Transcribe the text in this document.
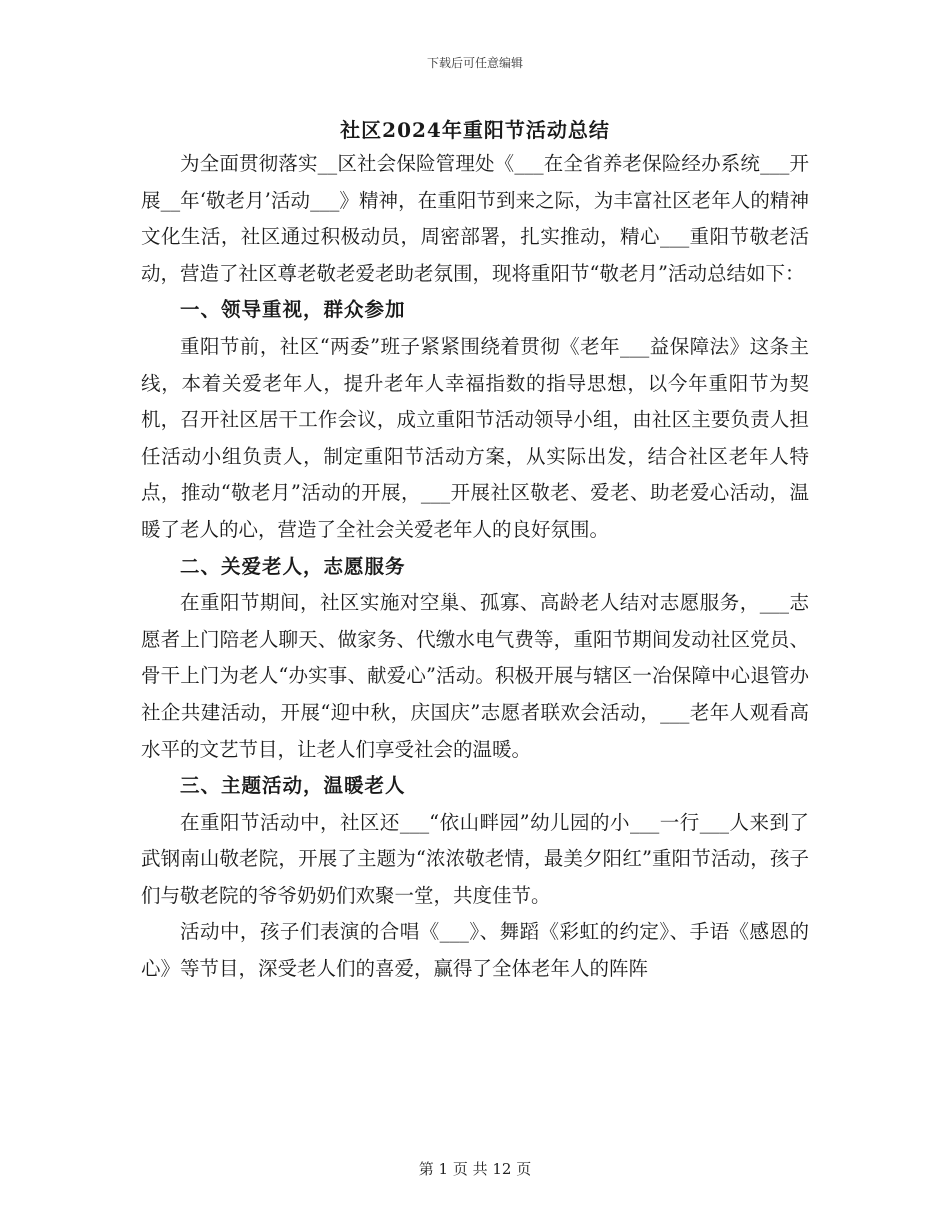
下载后可任意编辑
社区2024年重阳节活动总结

为全面贯彻落实__区社会保险管理处《___在全省养老保险经办系统___开展__年‘敬老月’活动___》精神，在重阳节到来之际，为丰富社区老年人的精神文化生活，社区通过积极动员，周密部署，扎实推动，精心___重阳节敬老活动，营造了社区尊老敬老爱老助老氛围，现将重阳节“敬老月”活动总结如下：

一、领导重视，群众参加

重阳节前，社区“两委”班子紧紧围绕着贯彻《老年___益保障法》这条主线，本着关爱老年人，提升老年人幸福指数的指导思想，以今年重阳节为契机，召开社区居干工作会议，成立重阳节活动领导小组，由社区主要负责人担任活动小组负责人，制定重阳节活动方案，从实际出发，结合社区老年人特点，推动“敬老月”活动的开展，___开展社区敬老、爱老、助老爱心活动，温暖了老人的心，营造了全社会关爱老年人的良好氛围。

二、关爱老人，志愿服务

在重阳节期间，社区实施对空巢、孤寡、高龄老人结对志愿服务，___志愿者上门陪老人聊天、做家务、代缴水电气费等，重阳节期间发动社区党员、骨干上门为老人“办实事、献爱心”活动。积极开展与辖区一冶保障中心退管办社企共建活动，开展“迎中秋，庆国庆”志愿者联欢会活动，___老年人观看高水平的文艺节目，让老人们享受社会的温暖。

三、主题活动，温暖老人

在重阳节活动中，社区还___“依山畔园”幼儿园的小___一行___人来到了武钢南山敬老院，开展了主题为“浓浓敬老情，最美夕阳红”重阳节活动，孩子们与敬老院的爷爷奶奶们欢聚一堂，共度佳节。

活动中，孩子们表演的合唱《___》、舞蹈《彩虹的约定》、手语《感恩的心》等节目，深受老人们的喜爱，赢得了全体老年人的阵阵

第 1 页 共 12 页
